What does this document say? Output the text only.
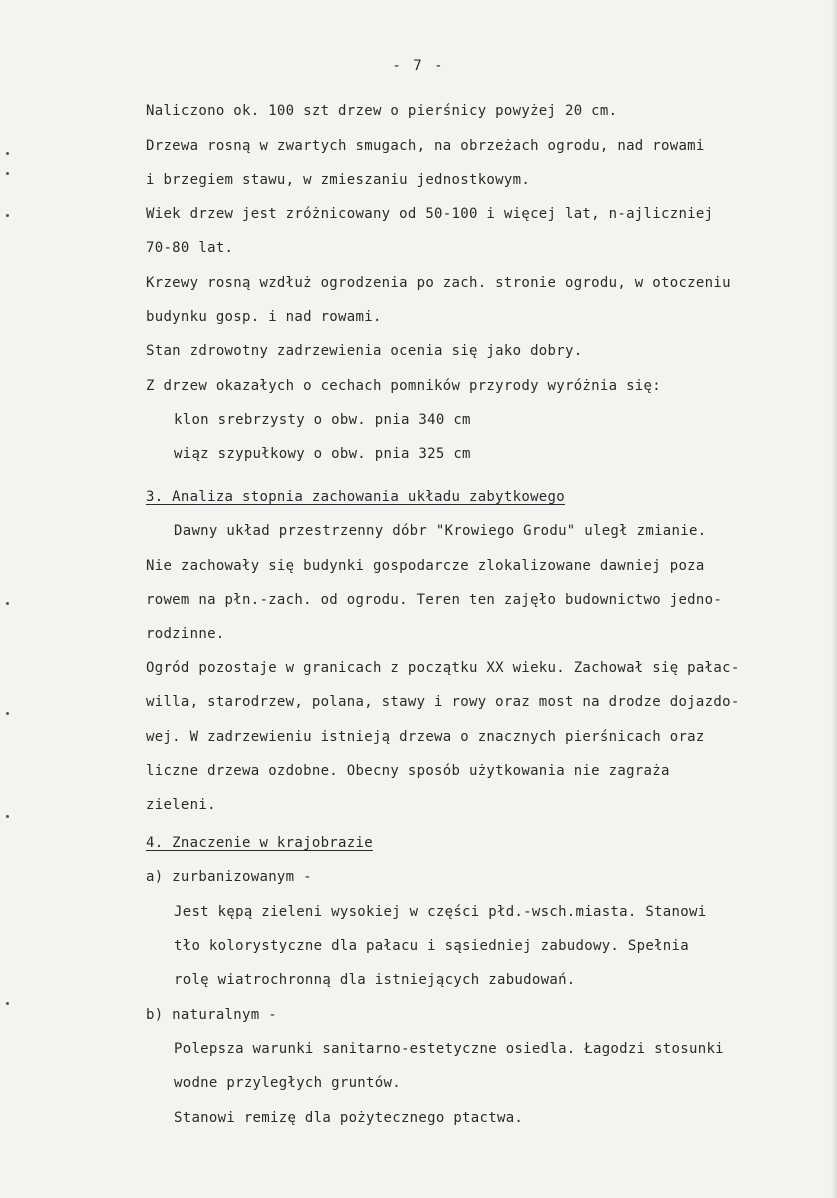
- 7 -
Naliczono ok. 100 szt drzew o pierśnicy powyżej 20 cm.
Drzewa rosną w zwartych smugach, na obrzeżach ogrodu, nad rowami
i brzegiem stawu, w zmieszaniu jednostkowym.
Wiek drzew jest zróżnicowany od 50-100 i więcej lat, n-ajliczniej
70-80 lat.
Krzewy rosną wzdłuż ogrodzenia po zach. stronie ogrodu, w otoczeniu
budynku gosp. i nad rowami.
Stan zdrowotny zadrzewienia ocenia się jako dobry.
Z drzew okazałych o cechach pomników przyrody wyróżnia się:
klon srebrzysty o obw. pnia 340 cm
wiąz szypułkowy o obw. pnia 325 cm
3. Analiza stopnia zachowania układu zabytkowego
Dawny układ przestrzenny dóbr "Krowiego Grodu" uległ zmianie.
Nie zachowały się budynki gospodarcze zlokalizowane dawniej poza
rowem na płn.-zach. od ogrodu. Teren ten zajęło budownictwo jedno-
rodzinne.
Ogród pozostaje w granicach z początku XX wieku. Zachował się pałac-
willa, starodrzew, polana, stawy i rowy oraz most na drodze dojazdo-
wej. W zadrzewieniu istnieją drzewa o znacznych pierśnicach oraz
liczne drzewa ozdobne. Obecny sposób użytkowania nie zagraża
zieleni.
4. Znaczenie w krajobrazie
a) zurbanizowanym -
Jest kępą zieleni wysokiej w części płd.-wsch.miasta. Stanowi
tło kolorystyczne dla pałacu i sąsiedniej zabudowy. Spełnia
rolę wiatrochronną dla istniejących zabudowań.
b) naturalnym -
Polepsza warunki sanitarno-estetyczne osiedla. Łagodzi stosunki
wodne przyległych gruntów.
Stanowi remizę dla pożytecznego ptactwa.
